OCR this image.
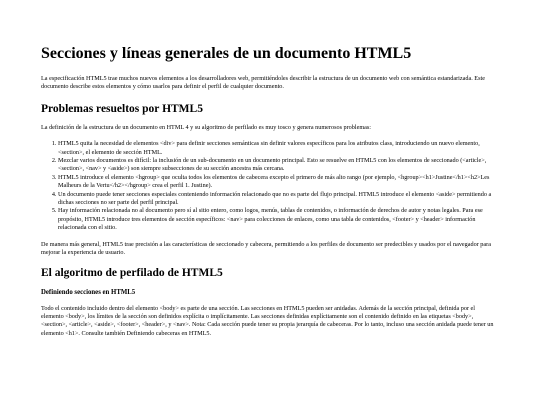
Secciones y líneas generales de un documento HTML5

La especificación HTML5 trae muchos nuevos elementos a los desarrolladores web, permitiéndoles describir la estructura de un documento web con semántica estandarizada. Este documento describe estos elementos y cómo usarlos para definir el perfil de cualquier documento.

Problemas resueltos por HTML5

La definición de la estructura de un documento en HTML 4 y su algoritmo de perfilado es muy tosco y genera numerosos problemas:

1. HTML5 quita la necesidad de elementos <div> para definir secciones semánticas sin definir valores específicos para los atributos class, introduciendo un nuevo elemento, <section>, el elemento de sección HTML.
2. Mezclar varios documentos es difícil: la inclusión de un sub-documento en un documento principal. Esto se resuelve en HTML5 con los elementos de seccionado (<article>, <section>, <nav> y <aside>) son siempre subsecciones de su sección ancestra más cercana.
3. HTML5 introduce el elemento <hgroup> que oculta todos los elementos de cabecera excepto el primero de más alto rango (por ejemplo, <hgroup><h1>Justine</h1><h2>Les Malheurs de la Vertu</h2></hgroup> crea el perfil 1. Justine).
4. Un documento puede tener secciones especiales conteniendo información relacionado que no es parte del flujo principal. HTML5 introduce el elemento <aside> permitiendo a dichas secciones no ser parte del perfil principal.
5. Hay información relacionada no al documento pero sí al sitio entero, como logos, menús, tablas de contenidos, o información de derechos de autor y notas legales. Para ese propósito, HTML5 introduce tres elementos de sección específicos: <nav> para colecciones de enlaces, como una tabla de contenidos, <footer> y <header> información relacionada con el sitio.

De manera más general, HTML5 trae precisión a las características de seccionado y cabecera, permitiendo a los perfiles de documento ser predecibles y usados por el navegador para mejorar la experiencia de usuario.

El algoritmo de perfilado de HTML5
Definiendo secciones en HTML5

Todo el contenido incluido dentro del elemento <body> es parte de una sección. Las secciones en HTML5 pueden ser anidadas. Además de la sección principal, definida por el elemento <body>, los límites de la sección son definidos explícita o implícitamente. Las secciones definidas explícitamente son el contenido definido en las etiquetas <body>, <section>, <article>, <aside>, <footer>, <header>, y <nav>. Nota: Cada sección puede tener su propia jerarquía de cabeceras. Por lo tanto, incluso una sección anidada puede tener un elemento <h1>. Consulte también Definiendo cabeceras en HTML5.
